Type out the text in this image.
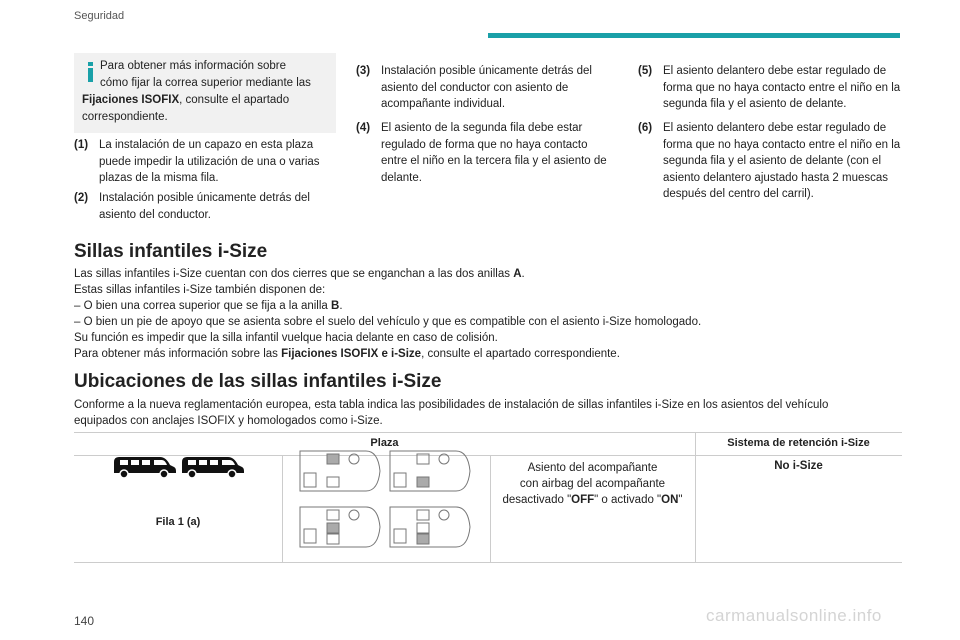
Seguridad
Para obtener más información sobre
cómo fijar la correa superior mediante las
Fijaciones ISOFIX, consulte el apartado
correspondiente.
(1) La instalación de un capazo en esta plaza puede impedir la utilización de una o varias plazas de la misma fila.
(2) Instalación posible únicamente detrás del asiento del conductor.
(3) Instalación posible únicamente detrás del asiento del conductor con asiento de acompañante individual.
(4) El asiento de la segunda fila debe estar regulado de forma que no haya contacto entre el niño en la tercera fila y el asiento de delante.
(5) El asiento delantero debe estar regulado de forma que no haya contacto entre el niño en la segunda fila y el asiento de delante.
(6) El asiento delantero debe estar regulado de forma que no haya contacto entre el niño en la segunda fila y el asiento de delante (con el asiento delantero ajustado hasta 2 muescas después del centro del carril).
Sillas infantiles i-Size
Las sillas infantiles i-Size cuentan con dos cierres que se enganchan a las dos anillas A.
Estas sillas infantiles i-Size también disponen de:
– O bien una correa superior que se fija a la anilla B.
– O bien un pie de apoyo que se asienta sobre el suelo del vehículo y que es compatible con el asiento i-Size homologado.
Su función es impedir que la silla infantil vuelque hacia delante en caso de colisión.
Para obtener más información sobre las Fijaciones ISOFIX e i-Size, consulte el apartado correspondiente.
Ubicaciones de las sillas infantiles i-Size
Conforme a la nueva reglamentación europea, esta tabla indica las posibilidades de instalación de sillas infantiles i-Size en los asientos del vehículo equipados con anclajes ISOFIX y homologados como i-Size.
Plaza	Sistema de retención i-Size
Fila 1 (a)
Asiento del acompañante
con airbag del acompañante
desactivado "OFF" o activado "ON"
No i-Size
140	carmanualsonline.info
